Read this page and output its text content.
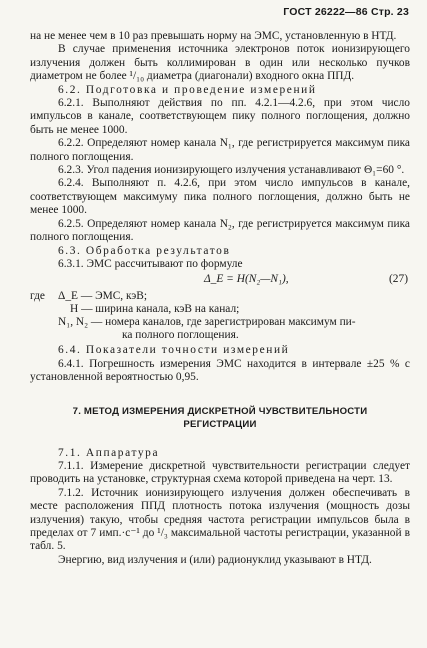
ГОСТ 26222—86 Стр. 23

на не менее чем в 10 раз превышать норму на ЭМС, установленную в НТД.

В случае применения источника электронов поток ионизирующего излучения должен быть коллимирован в один или несколько пучков диаметром не более ¹/₁₀ диаметра (диагонали) входного окна ППД.

6.2. Подготовка и проведение измерений

6.2.1. Выполняют действия по пп. 4.2.1—4.2.6, при этом число импульсов в канале, соответствующем пику полного поглощения, должно быть не менее 1000.

6.2.2. Определяют номер канала N₁, где регистрируется максимум пика полного поглощения.

6.2.3. Угол падения ионизирующего излучения устанавливают Θ₁=60 °.

6.2.4. Выполняют п. 4.2.6, при этом число импульсов в канале, соответствующем максимуму пика полного поглощения, должно быть не менее 1000.

6.2.5. Определяют номер канала N₂, где регистрируется максимум пика полного поглощения.

6.3. Обработка результатов

6.3.1. ЭМС рассчитывают по формуле

Δ_E = H(N₂—N₁),	(27)
где Δ_E — ЭМС, кэВ;
H — ширина канала, кэВ на канал;
N₁, N₂ — номера каналов, где зарегистрирован максимум пи-
ка полного поглощения.

6.4. Показатели точности измерений

6.4.1. Погрешность измерения ЭМС находится в интервале ±25 % с установленной вероятностью 0,95.

7. МЕТОД ИЗМЕРЕНИЯ ДИСКРЕТНОЙ ЧУВСТВИТЕЛЬНОСТИ
РЕГИСТРАЦИИ

7.1. Аппаратура

7.1.1. Измерение дискретной чувствительности регистрации следует проводить на установке, структурная схема которой приведена на черт. 13.

7.1.2. Источник ионизирующего излучения должен обеспечивать в месте расположения ППД плотность потока излучения (мощность дозы излучения) такую, чтобы средняя частота регистрации импульсов была в пределах от 7 имп.·с⁻¹ до ¹/₃ максимальной частоты регистрации, указанной в табл. 5.

Энергию, вид излучения и (или) радионуклид указывают в НТД.
